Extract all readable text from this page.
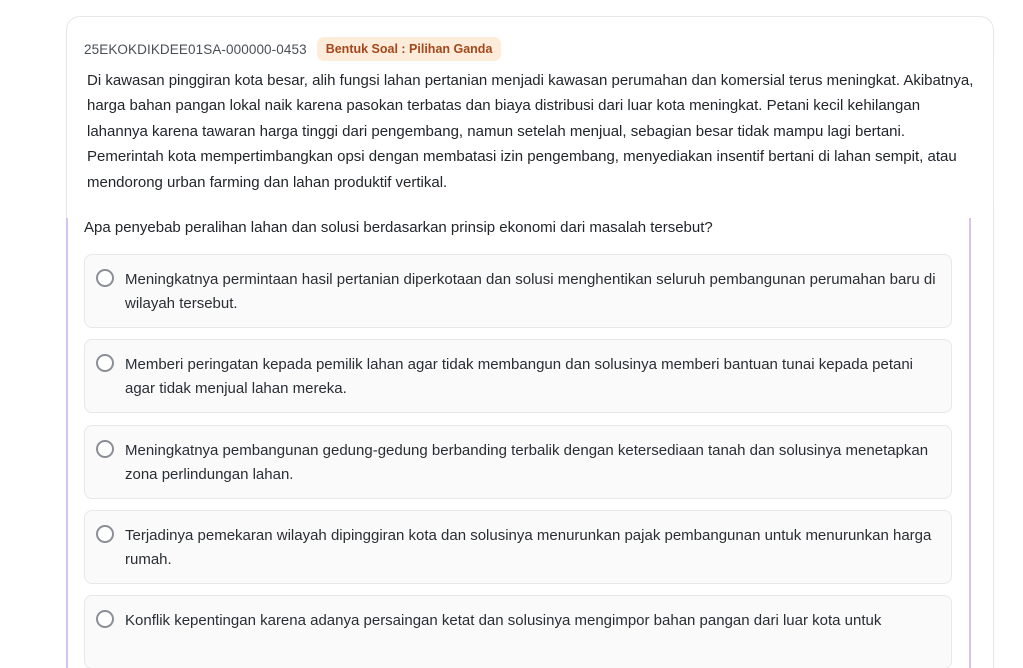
25EKOKDIKDEE01SA-000000-0453	Bentuk Soal : Pilihan Ganda
Di kawasan pinggiran kota besar, alih fungsi lahan pertanian menjadi kawasan perumahan dan komersial terus meningkat. Akibatnya, harga bahan pangan lokal naik karena pasokan terbatas dan biaya distribusi dari luar kota meningkat. Petani kecil kehilangan lahannya karena tawaran harga tinggi dari pengembang, namun setelah menjual, sebagian besar tidak mampu lagi bertani. Pemerintah kota mempertimbangkan opsi dengan membatasi izin pengembang, menyediakan insentif bertani di lahan sempit, atau mendorong urban farming dan lahan produktif vertikal.
Apa penyebab peralihan lahan dan solusi berdasarkan prinsip ekonomi dari masalah tersebut?
Meningkatnya permintaan hasil pertanian diperkotaan dan solusi menghentikan seluruh pembangunan perumahan baru di wilayah tersebut.
Memberi peringatan kepada pemilik lahan agar tidak membangun dan solusinya memberi bantuan tunai kepada petani agar tidak menjual lahan mereka.
Meningkatnya pembangunan gedung-gedung berbanding terbalik dengan ketersediaan tanah dan solusinya menetapkan zona perlindungan lahan.
Terjadinya pemekaran wilayah dipinggiran kota dan solusinya menurunkan pajak pembangunan untuk menurunkan harga rumah.
Konflik kepentingan karena adanya persaingan ketat dan solusinya mengimpor bahan pangan dari luar kota untuk
